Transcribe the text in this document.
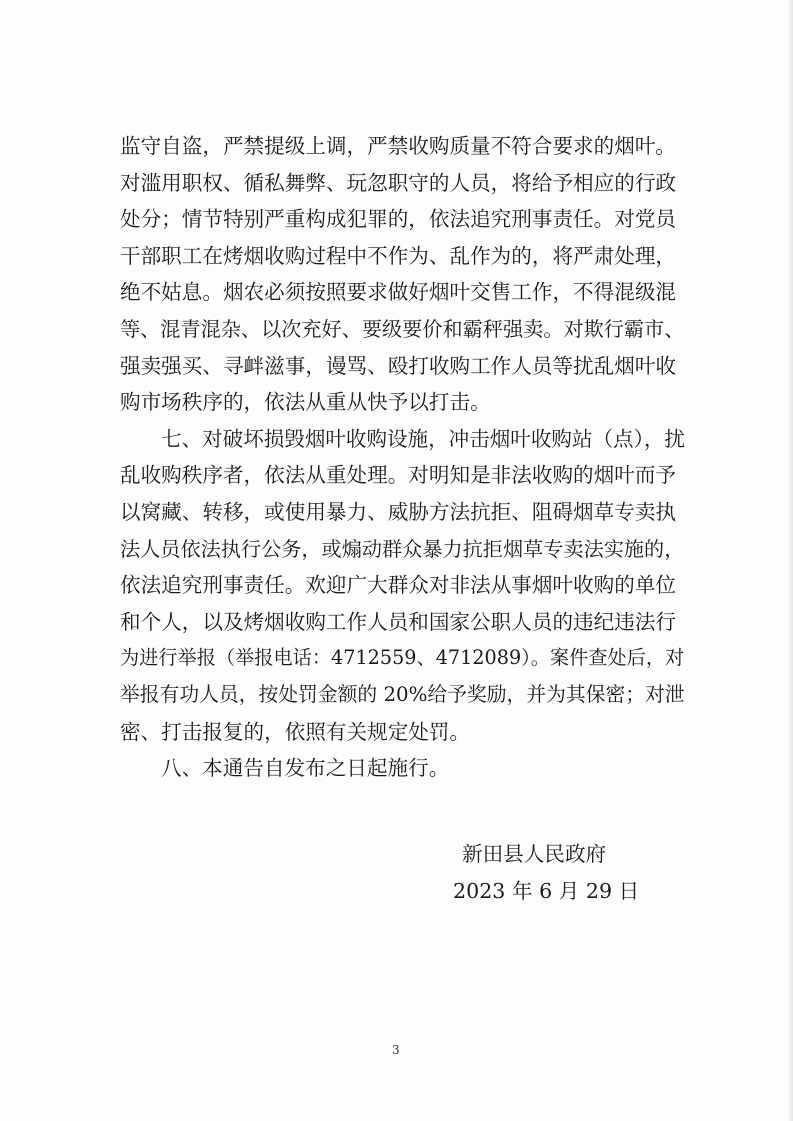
监守自盗，严禁提级上调，严禁收购质量不符合要求的烟叶。
对滥用职权、循私舞弊、玩忽职守的人员，将给予相应的行政
处分；情节特别严重构成犯罪的，依法追究刑事责任。对党员
干部职工在烤烟收购过程中不作为、乱作为的，将严肃处理，
绝不姑息。烟农必须按照要求做好烟叶交售工作，不得混级混
等、混青混杂、以次充好、要级要价和霸秤强卖。对欺行霸市、
强卖强买、寻衅滋事，谩骂、殴打收购工作人员等扰乱烟叶收
购市场秩序的，依法从重从快予以打击。
七、对破坏损毁烟叶收购设施，冲击烟叶收购站（点），扰
乱收购秩序者，依法从重处理。对明知是非法收购的烟叶而予
以窝藏、转移，或使用暴力、威胁方法抗拒、阻碍烟草专卖执
法人员依法执行公务，或煽动群众暴力抗拒烟草专卖法实施的，
依法追究刑事责任。欢迎广大群众对非法从事烟叶收购的单位
和个人，以及烤烟收购工作人员和国家公职人员的违纪违法行
为进行举报（举报电话：4712559、4712089）。案件查处后，对
举报有功人员，按处罚金额的 20%给予奖励，并为其保密；对泄
密、打击报复的，依照有关规定处罚。
八、本通告自发布之日起施行。
新田县人民政府
2023 年 6 月 29 日
3
